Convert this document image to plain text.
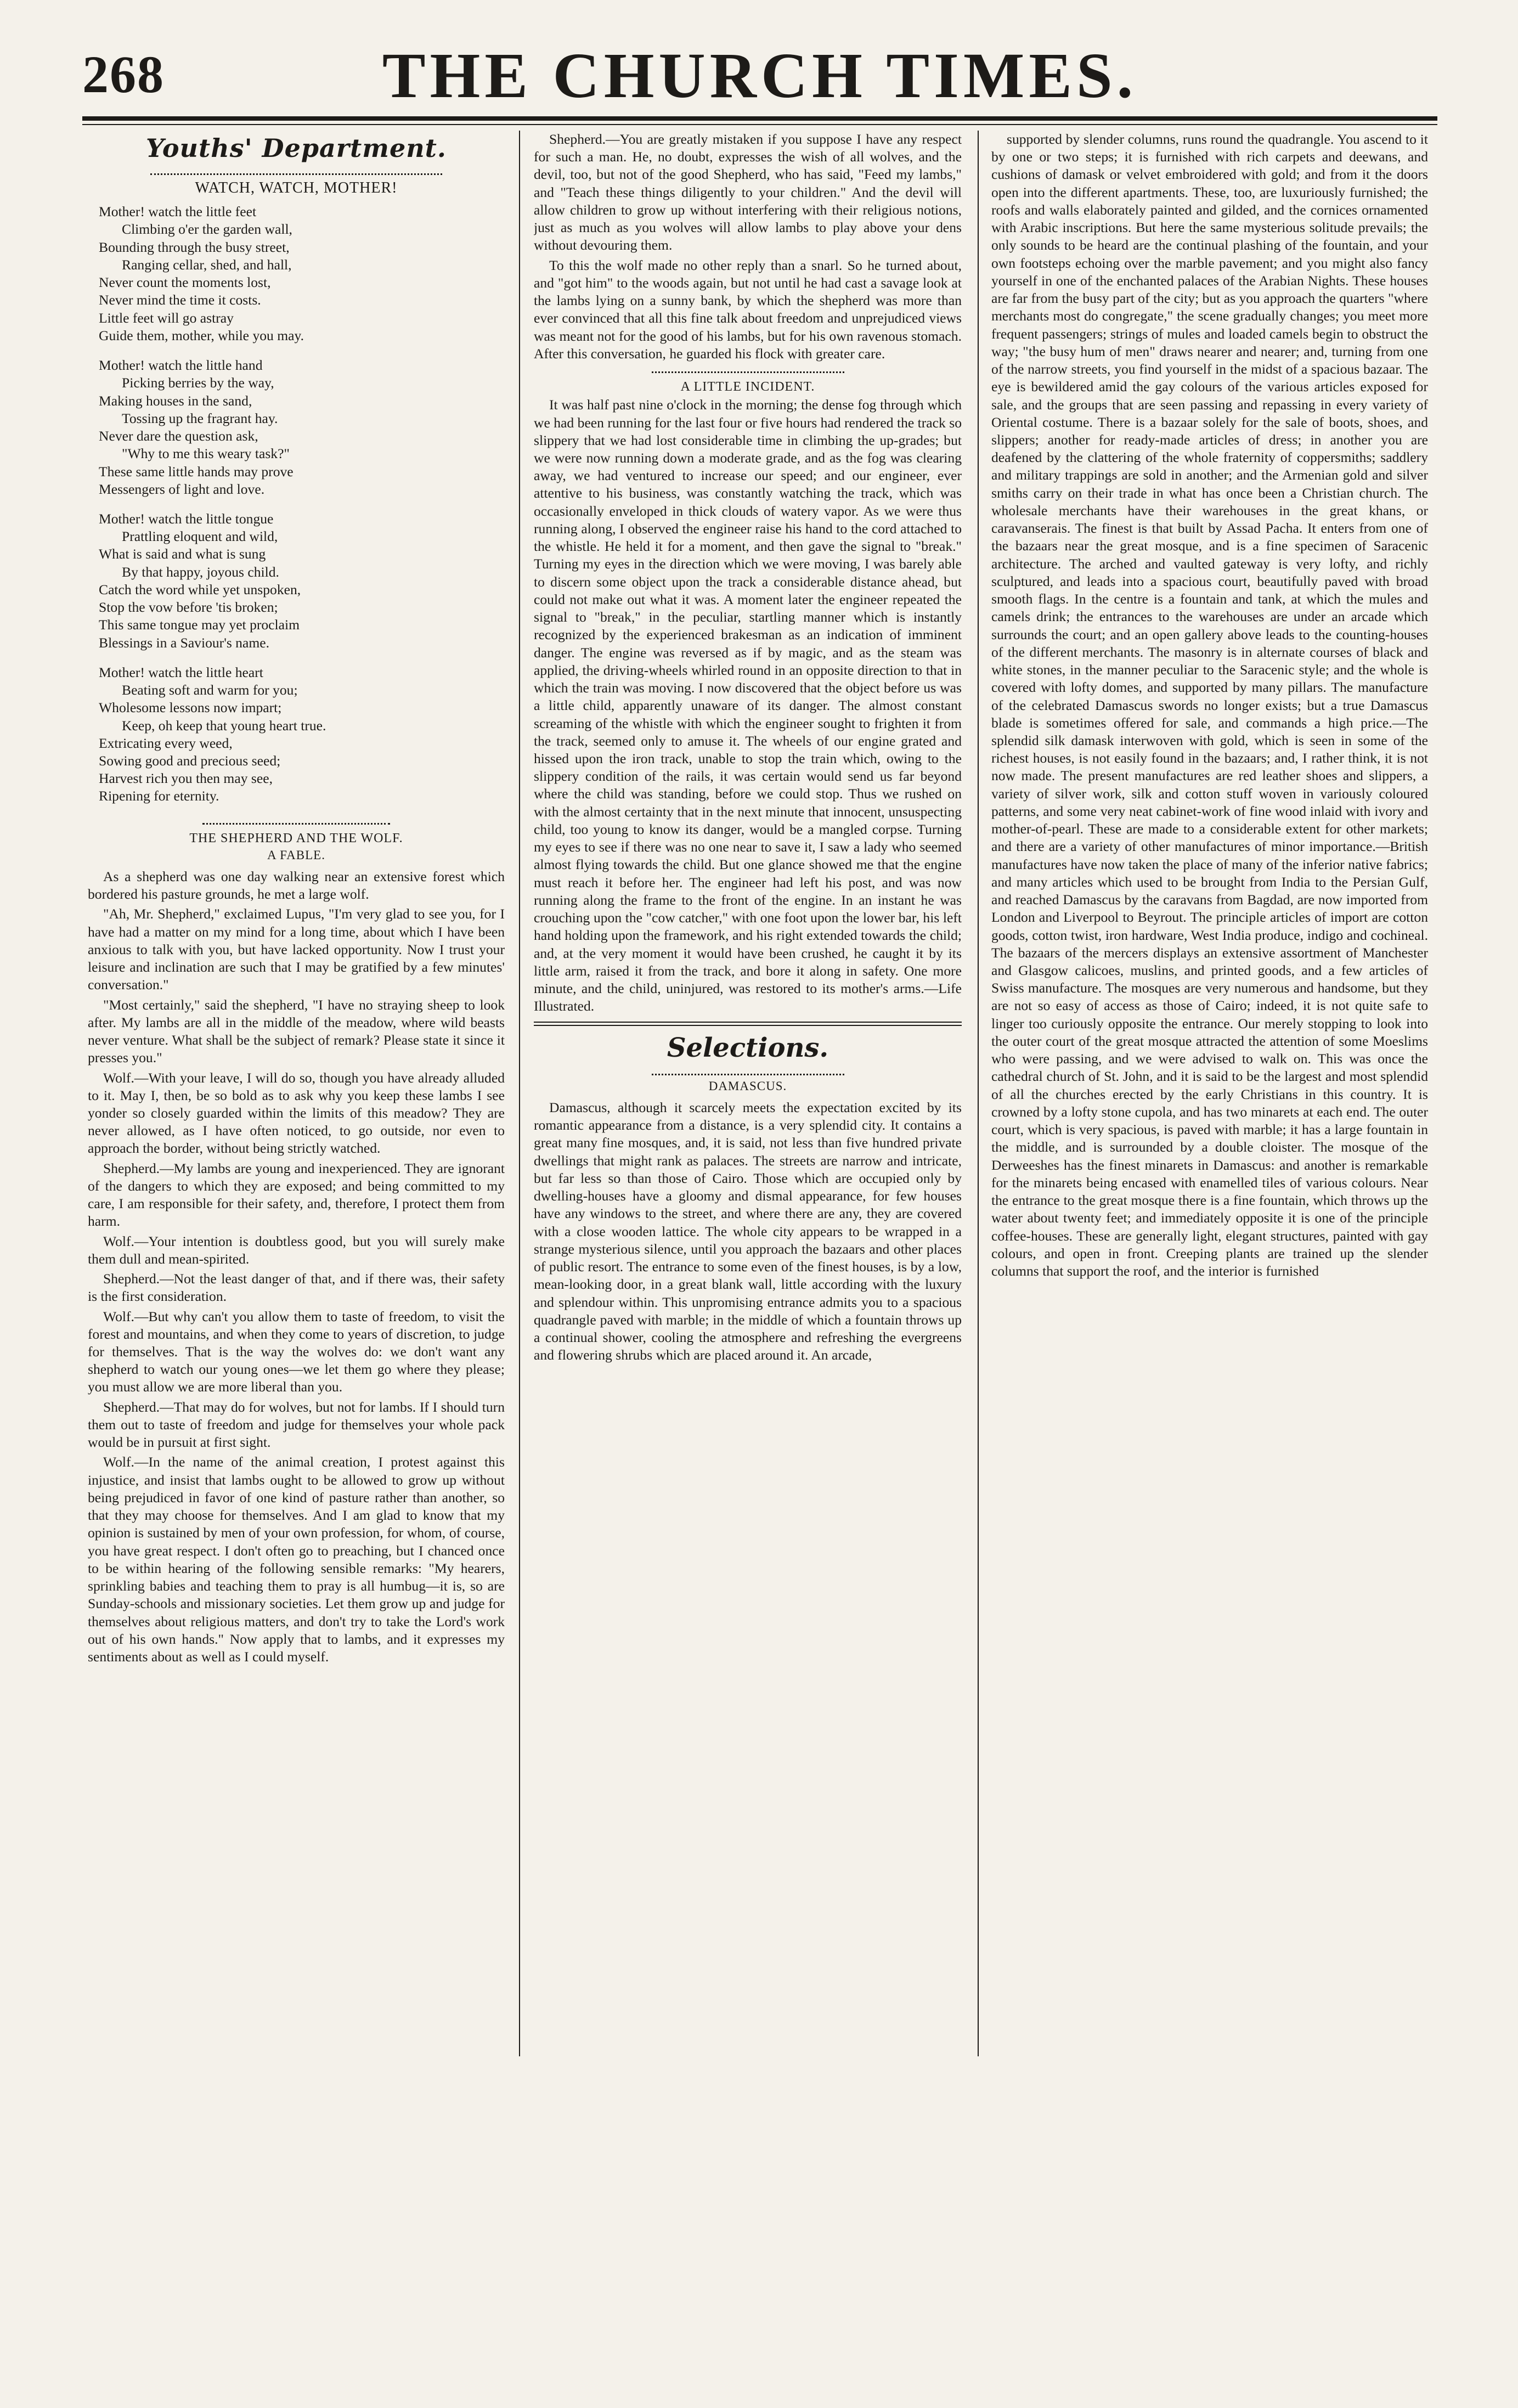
268	THE CHURCH TIMES.
Youths' Department.
WATCH, WATCH, MOTHER!
Mother! watch the little feet
Climbing o'er the garden wall,
Bounding through the busy street,
Ranging cellar, shed, and hall,
Never count the moments lost,
Never mind the time it costs.
Little feet will go astray
Guide them, mother, while you may.
Mother! watch the little hand
Picking berries by the way,
Making houses in the sand,
Tossing up the fragrant hay.
Never dare the question ask,
"Why to me this weary task?"
These same little hands may prove
Messengers of light and love.
Mother! watch the little tongue
Prattling eloquent and wild,
What is said and what is sung
By that happy, joyous child.
Catch the word while yet unspoken,
Stop the vow before 'tis broken;
This same tongue may yet proclaim
Blessings in a Saviour's name.
Mother! watch the little heart
Beating soft and warm for you;
Wholesome lessons now impart;
Keep, oh keep that young heart true.
Extricating every weed,
Sowing good and precious seed;
Harvest rich you then may see,
Ripening for eternity.
THE SHEPHERD AND THE WOLF.
A FABLE.

As a shepherd was one day walking near an extensive forest which bordered his pasture grounds, he met a large wolf.

"Ah, Mr. Shepherd," exclaimed Lupus, "I'm very glad to see you, for I have had a matter on my mind for a long time, about which I have been anxious to talk with you, but have lacked opportunity. Now I trust your leisure and inclination are such that I may be gratified by a few minutes' conversation."

"Most certainly," said the shepherd, "I have no straying sheep to look after. My lambs are all in the middle of the meadow, where wild beasts never venture. What shall be the subject of remark? Please state it since it presses you."

Wolf.—With your leave, I will do so, though you have already alluded to it. May I, then, be so bold as to ask why you keep these lambs I see yonder so closely guarded within the limits of this meadow? They are never allowed, as I have often noticed, to go outside, nor even to approach the border, without being strictly watched.

Shepherd.—My lambs are young and inexperienced. They are ignorant of the dangers to which they are exposed; and being committed to my care, I am responsible for their safety, and, therefore, I protect them from harm.

Wolf.—Your intention is doubtless good, but you will surely make them dull and mean-spirited.

Shepherd.—Not the least danger of that, and if there was, their safety is the first consideration.

Wolf.—But why can't you allow them to taste of freedom, to visit the forest and mountains, and when they come to years of discretion, to judge for themselves. That is the way the wolves do: we don't want any shepherd to watch our young ones—we let them go where they please; you must allow we are more liberal than you.

Shepherd.—That may do for wolves, but not for lambs. If I should turn them out to taste of freedom and judge for themselves your whole pack would be in pursuit at first sight.

Wolf.—In the name of the animal creation, I protest against this injustice, and insist that lambs ought to be allowed to grow up without being prejudiced in favor of one kind of pasture rather than another, so that they may choose for themselves. And I am glad to know that my opinion is sustained by men of your own profession, for whom, of course, you have great respect. I don't often go to preaching, but I chanced once to be within hearing of the following sensible remarks: "My hearers, sprinkling babies and teaching them to pray is all humbug—it is, so are Sunday-schools and missionary societies. Let them grow up and judge for themselves about religious matters, and don't try to take the Lord's work out of his own hands." Now apply that to lambs, and it expresses my sentiments about as well as I could myself.

Shepherd.—You are greatly mistaken if you suppose I have any respect for such a man. He, no doubt, expresses the wish of all wolves, and the devil, too, but not of the good Shepherd, who has said, "Feed my lambs," and "Teach these things diligently to your children." And the devil will allow children to grow up without interfering with their religious notions, just as much as you wolves will allow lambs to play above your dens without devouring them.

To this the wolf made no other reply than a snarl. So he turned about, and "got him" to the woods again, but not until he had cast a savage look at the lambs lying on a sunny bank, by which the shepherd was more than ever convinced that all this fine talk about freedom and unprejudiced views was meant not for the good of his lambs, but for his own ravenous stomach. After this conversation, he guarded his flock with greater care.

A LITTLE INCIDENT.

It was half past nine o'clock in the morning; the dense fog through which we had been running for the last four or five hours had rendered the track so slippery that we had lost considerable time in climbing the up-grades; but we were now running down a moderate grade, and as the fog was clearing away, we had ventured to increase our speed; and our engineer, ever attentive to his business, was constantly watching the track, which was occasionally enveloped in thick clouds of watery vapor. As we were thus running along, I observed the engineer raise his hand to the cord attached to the whistle. He held it for a moment, and then gave the signal to "break." Turning my eyes in the direction which we were moving, I was barely able to discern some object upon the track a considerable distance ahead, but could not make out what it was. A moment later the engineer repeated the signal to "break," in the peculiar, startling manner which is instantly recognized by the experienced brakesman as an indication of imminent danger. The engine was reversed as if by magic, and as the steam was applied, the driving-wheels whirled round in an opposite direction to that in which the train was moving. I now discovered that the object before us was a little child, apparently unaware of its danger. The almost constant screaming of the whistle with which the engineer sought to frighten it from the track, seemed only to amuse it. The wheels of our engine grated and hissed upon the iron track, unable to stop the train which, owing to the slippery condition of the rails, it was certain would send us far beyond where the child was standing, before we could stop. Thus we rushed on with the almost certainty that in the next minute that innocent, unsuspecting child, too young to know its danger, would be a mangled corpse. Turning my eyes to see if there was no one near to save it, I saw a lady who seemed almost flying towards the child. But one glance showed me that the engine must reach it before her. The engineer had left his post, and was now running along the frame to the front of the engine. In an instant he was crouching upon the "cow catcher," with one foot upon the lower bar, his left hand holding upon the framework, and his right extended towards the child; and, at the very moment it would have been crushed, he caught it by its little arm, raised it from the track, and bore it along in safety. One more minute, and the child, uninjured, was restored to its mother's arms.—Life Illustrated.

Selections.
DAMASCUS.

Damascus, although it scarcely meets the expectation excited by its romantic appearance from a distance, is a very splendid city. It contains a great many fine mosques, and, it is said, not less than five hundred private dwellings that might rank as palaces. The streets are narrow and intricate, but far less so than those of Cairo. Those which are occupied only by dwelling-houses have a gloomy and dismal appearance, for few houses have any windows to the street, and where there are any, they are covered with a close wooden lattice. The whole city appears to be wrapped in a strange mysterious silence, until you approach the bazaars and other places of public resort. The entrance to some even of the finest houses, is by a low, mean-looking door, in a great blank wall, little according with the luxury and splendour within. This unpromising entrance admits you to a spacious quadrangle paved with marble; in the middle of which a fountain throws up a continual shower, cooling the atmosphere and refreshing the evergreens and flowering shrubs which are placed around it. An arcade,

supported by slender columns, runs round the quadrangle. You ascend to it by one or two steps; it is furnished with rich carpets and deewans, and cushions of damask or velvet embroidered with gold; and from it the doors open into the different apartments. These, too, are luxuriously furnished; the roofs and walls elaborately painted and gilded, and the cornices ornamented with Arabic inscriptions. But here the same mysterious solitude prevails; the only sounds to be heard are the continual plashing of the fountain, and your own footsteps echoing over the marble pavement; and you might also fancy yourself in one of the enchanted palaces of the Arabian Nights. These houses are far from the busy part of the city; but as you approach the quarters "where merchants most do congregate," the scene gradually changes; you meet more frequent passengers; strings of mules and loaded camels begin to obstruct the way; "the busy hum of men" draws nearer and nearer; and, turning from one of the narrow streets, you find yourself in the midst of a spacious bazaar. The eye is bewildered amid the gay colours of the various articles exposed for sale, and the groups that are seen passing and repassing in every variety of Oriental costume. There is a bazaar solely for the sale of boots, shoes, and slippers; another for ready-made articles of dress; in another you are deafened by the clattering of the whole fraternity of coppersmiths; saddlery and military trappings are sold in another; and the Armenian gold and silver smiths carry on their trade in what has once been a Christian church. The wholesale merchants have their warehouses in the great khans, or caravanserais. The finest is that built by Assad Pacha. It enters from one of the bazaars near the great mosque, and is a fine specimen of Saracenic architecture. The arched and vaulted gateway is very lofty, and richly sculptured, and leads into a spacious court, beautifully paved with broad smooth flags. In the centre is a fountain and tank, at which the mules and camels drink; the entrances to the warehouses are under an arcade which surrounds the court; and an open gallery above leads to the counting-houses of the different merchants. The masonry is in alternate courses of black and white stones, in the manner peculiar to the Saracenic style; and the whole is covered with lofty domes, and supported by many pillars. The manufacture of the celebrated Damascus swords no longer exists; but a true Damascus blade is sometimes offered for sale, and commands a high price.—The splendid silk damask interwoven with gold, which is seen in some of the richest houses, is not easily found in the bazaars; and, I rather think, it is not now made. The present manufactures are red leather shoes and slippers, a variety of silver work, silk and cotton stuff woven in variously coloured patterns, and some very neat cabinet-work of fine wood inlaid with ivory and mother-of-pearl. These are made to a considerable extent for other markets; and there are a variety of other manufactures of minor importance.—British manufactures have now taken the place of many of the inferior native fabrics; and many articles which used to be brought from India to the Persian Gulf, and reached Damascus by the caravans from Bagdad, are now imported from London and Liverpool to Beyrout. The principle articles of import are cotton goods, cotton twist, iron hardware, West India produce, indigo and cochineal. The bazaars of the mercers displays an extensive assortment of Manchester and Glasgow calicoes, muslins, and printed goods, and a few articles of Swiss manufacture. The mosques are very numerous and handsome, but they are not so easy of access as those of Cairo; indeed, it is not quite safe to linger too curiously opposite the entrance. Our merely stopping to look into the outer court of the great mosque attracted the attention of some Moeslims who were passing, and we were advised to walk on. This was once the cathedral church of St. John, and it is said to be the largest and most splendid of all the churches erected by the early Christians in this country. It is crowned by a lofty stone cupola, and has two minarets at each end. The outer court, which is very spacious, is paved with marble; it has a large fountain in the middle, and is surrounded by a double cloister. The mosque of the Derweeshes has the finest minarets in Damascus: and another is remarkable for the minarets being encased with enamelled tiles of various colours. Near the entrance to the great mosque there is a fine fountain, which throws up the water about twenty feet; and immediately opposite it is one of the principle coffee-houses. These are generally light, elegant structures, painted with gay colours, and open in front. Creeping plants are trained up the slender columns that support the roof, and the interior is furnished
